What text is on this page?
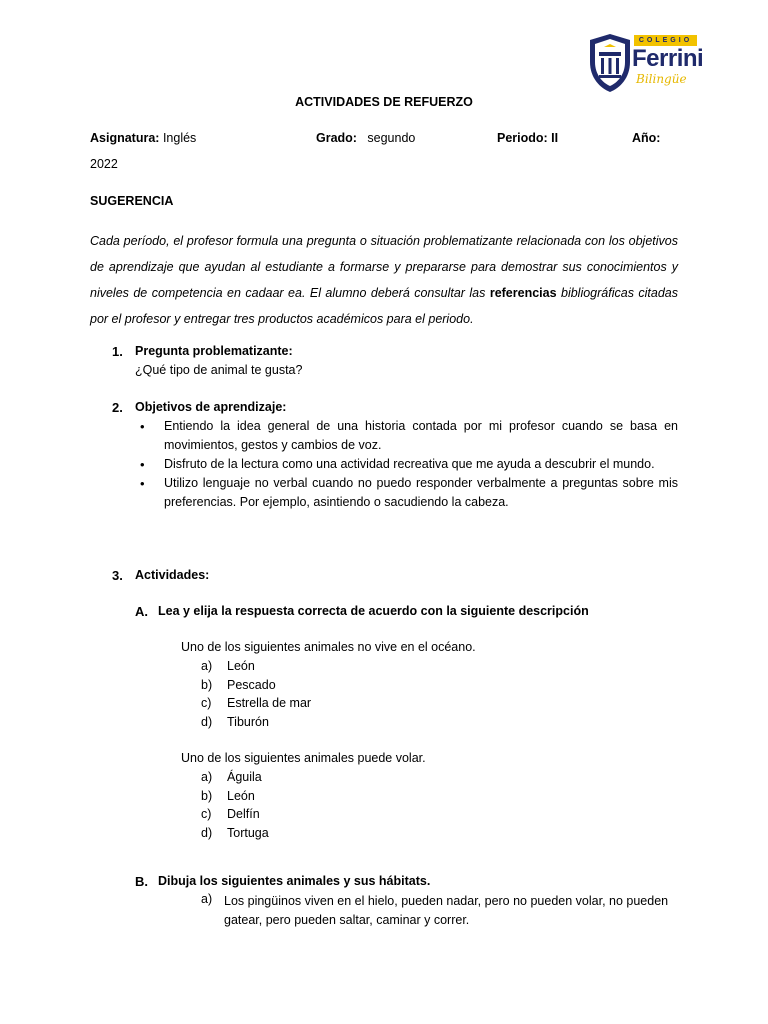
COLEGIO
Ferrini
Bilingüe
ACTIVIDADES DE REFUERZO
Asignatura: Inglés	Grado: segundo	Periodo: II	Año:
2022
SUGERENCIA
Cada período, el profesor formula una pregunta o situación problematizante relacionada con los objetivos de aprendizaje que ayudan al estudiante a formarse y prepararse para demostrar sus conocimientos y niveles de competencia en cadaar ea. El alumno deberá consultar las referencias bibliográficas citadas por el profesor y entregar tres productos académicos para el periodo.
1. Pregunta problematizante:
¿Qué tipo de animal te gusta?
2. Objetivos de aprendizaje:
• Entiendo la idea general de una historia contada por mi profesor cuando se basa en movimientos, gestos y cambios de voz.
• Disfruto de la lectura como una actividad recreativa que me ayuda a descubrir el mundo.
• Utilizo lenguaje no verbal cuando no puedo responder verbalmente a preguntas sobre mis preferencias. Por ejemplo, asintiendo o sacudiendo la cabeza.
3. Actividades:
A. Lea y elija la respuesta correcta de acuerdo con la siguiente descripción
Uno de los siguientes animales no vive en el océano.
a) León
b) Pescado
c) Estrella de mar
d) Tiburón
Uno de los siguientes animales puede volar.
a) Águila
b) León
c) Delfín
d) Tortuga
B. Dibuja los siguientes animales y sus hábitats.
a) Los pingüinos viven en el hielo, pueden nadar, pero no pueden volar, no pueden gatear, pero pueden saltar, caminar y correr.
